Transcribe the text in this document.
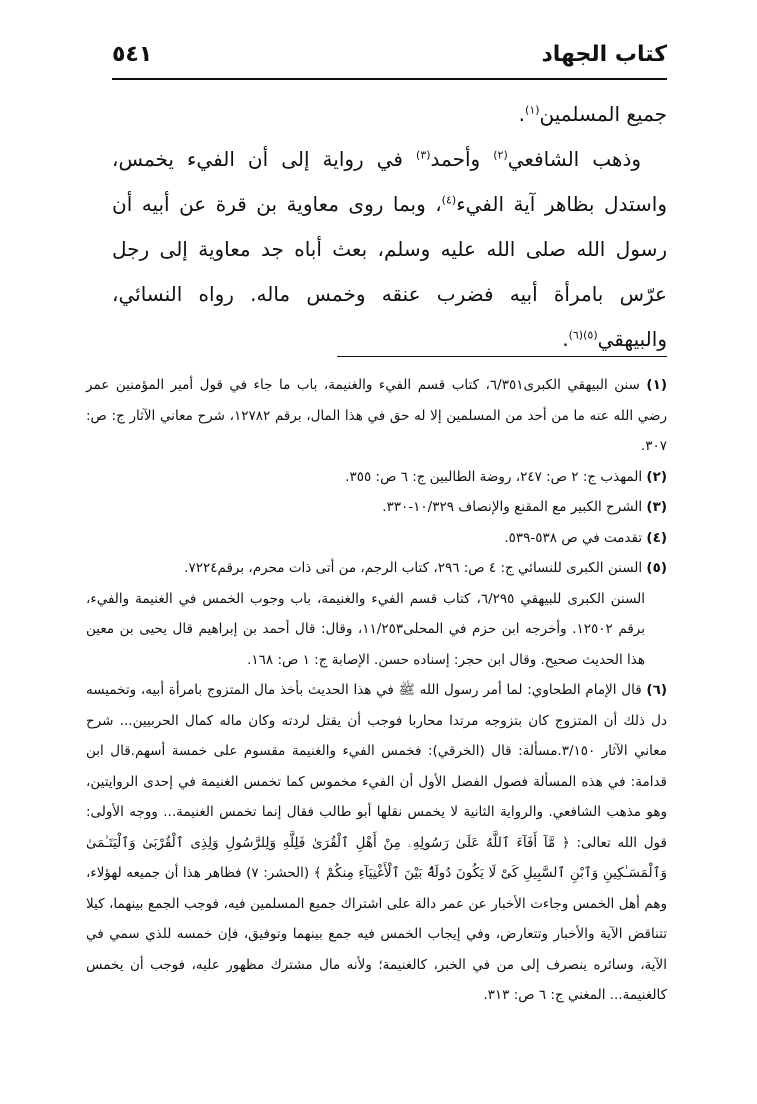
٥٤١	كتاب الجهاد

جميع المسلمين$^{(١)}$.

وذهب الشافعي$^{(٢)}$ وأحمد$^{(٣)}$ في رواية إلى أن الفيء يخمس، واستدل بظاهر آية الفيء$^{(٤)}$، وبما روى معاوية بن قرة عن أبيه أن رسول الله صلى الله عليه وسلم، بعث أباه جد معاوية إلى رجل عرّس بامرأة أبيه فضرب عنقه وخمس ماله. رواه النسائي، والبيهقي$^{(٥)(٦)}$.

(١) سنن البيهقي الكبرى٦/٣٥١، كتاب قسم الفيء والغنيمة، باب ما جاء في قول أمير المؤمنين عمر رضي الله عنه ما من أحد من المسلمين إلا له حق في هذا المال، برقم ١٢٧٨٢، شرح معاني الآثار ج: ص: ٣٠٧.

(٢) المهذب ج: ٢ ص: ٢٤٧، روضة الطالبين ج: ٦ ص: ٣٥٥.

(٣) الشرح الكبير مع المقنع والإنصاف ١٠/٣٢٩-٣٣٠.

(٤) تقدمت في ص ٥٣٨-٥٣٩.

(٥) السنن الكبرى للنسائي ج: ٤ ص: ٢٩٦، كتاب الرجم، من أتى ذات محرم، برقم٧٢٢٤.

السنن الكبرى للبيهقي ٦/٢٩٥، كتاب قسم الفيء والغنيمة، باب وجوب الخمس في الغنيمة والفيء، برقم ١٢٥٠٢. وأخرجه ابن حزم في المحلى١١/٢٥٣، وقال: قال أحمد بن إبراهيم قال يحيى بن معين هذا الحديث صحيح. وقال ابن حجر: إسناده حسن. الإصابة ج: ١ ص: ١٦٨.

(٦) قال الإمام الطحاوي: لما أمر رسول الله ﷺ في هذا الحديث بأخذ مال المتزوج بامرأة أبيه، وتخميسه دل ذلك أن المتزوج كان بتزوجه مرتدا محاربا فوجب أن يقتل لردته وكان ماله كمال الحربيين... شرح معاني الآثار ٣/١٥٠.مسألة: قال (الخرقي): فخمس الفيء والغنيمة مقسوم على خمسة أسهم.قال ابن قدامة: في هذه المسألة فصول الفصل الأول أن الفيء مخموس كما تخمس الغنيمة في إحدى الروايتين، وهو مذهب الشافعي. والرواية الثانية لا يخمس نقلها أبو طالب فقال إنما تخمس الغنيمة... ووجه الأولى: قول الله تعالى: ﴿ مَّآ أَفَآءَ ٱللَّهُ عَلَىٰ رَسُولِهِۦ مِنْ أَهْلِ ٱلْقُرَىٰ فَلِلَّهِ وَلِلرَّسُولِ وَلِذِى ٱلْقُرْبَىٰ وَٱلْيَتَـٰمَىٰ وَٱلْمَسَـٰكِينِ وَٱبْنِ ٱلسَّبِيلِ كَىْ لَا يَكُونَ دُولَةًۢ بَيْنَ ٱلْأَغْنِيَآءِ مِنكُمْ ﴾ (الحشر: ٧) فظاهر هذا أن جميعه لهؤلاء، وهم أهل الخمس وجاءت الأخبار عن عمر دالة على اشتراك جميع المسلمين فيه، فوجب الجمع بينهما، كيلا تتناقض الآية والأخبار وتتعارض، وفي إيجاب الخمس فيه جمع بينهما وتوفيق، فإن خمسه للذي سمي في الآية، وسائره ينصرف إلى من في الخبر، كالغنيمة؛ ولأنه مال مشترك مظهور عليه، فوجب أن يخمس كالغنيمة... المغني ج: ٦ ص: ٣١٣.
